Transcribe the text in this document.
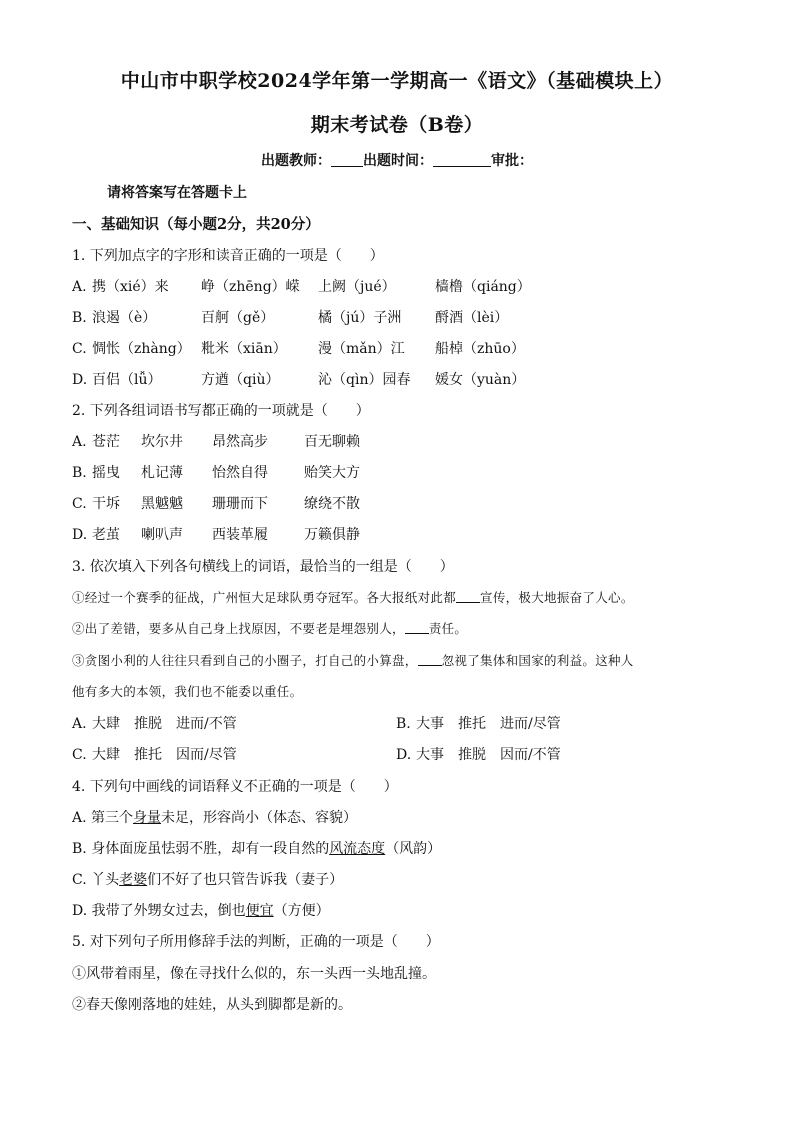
中山市中职学校2024学年第一学期高一《语文》（基础模块上）
期末考试卷（B卷）
出题教师： 出题时间：	审批：
请将答案写在答题卡上
一、基础知识（每小题2分，共20分）
1. 下列加点字的字形和读音正确的一项是（　　）
A. 携（xié）来 峥（zhēng）嵘 上阙（jué）	樯橹（qiáng）
B. 浪遏（è）	百舸（gě）	橘（jú）子洲 酹酒（lèi）
C. 惆怅（zhàng） 粃米（xiān） 漫（mǎn）江 船棹（zhūo）
D. 百侣（lǚ）	方遒（qiù）	沁（qìn）园春 媛女（yuàn）
2. 下列各组词语书写都正确的一项就是（　　）
A. 苍茫 坎尔井 昂然高步	百无聊赖
B. 摇曳 札记薄 怡然自得	贻笑大方
C. 干坼 黑魆魆 珊珊而下	缭绕不散
D. 老茧 喇叭声 西装革履	万籁俱静
3. 依次填入下列各句横线上的词语，最恰当的一组是（　　）
①经过一个赛季的征战，广州恒大足球队勇夺冠军。各大报纸对此都 宣传，极大地振奋了人心。
②出了差错，要多从自己身上找原因，不要老是埋怨别人， 责任。
③贪图小利的人往往只看到自己的小圈子，打自己的小算盘， 忽视了集体和国家的利益。这种人
他有多大的本领，我们也不能委以重任。
A. 大肆　推脱　进而/不管	B. 大事　推托　进而/尽管
C. 大肆　推托　因而/尽管	D. 大事　推脱　因而/不管
4. 下列句中画线的词语释义不正确的一项是（　　）
A. 第三个身量未足，形容尚小（体态、容貌）
B. 身体面庞虽怯弱不胜，却有一段自然的风流态度（风韵）
C. 丫头老婆们不好了也只管告诉我（妻子）
D. 我带了外甥女过去，倒也便宜（方便）
5. 对下列句子所用修辞手法的判断，正确的一项是（　　）
①风带着雨星，像在寻找什么似的，东一头西一头地乱撞。
②春天像刚落地的娃娃，从头到脚都是新的。
